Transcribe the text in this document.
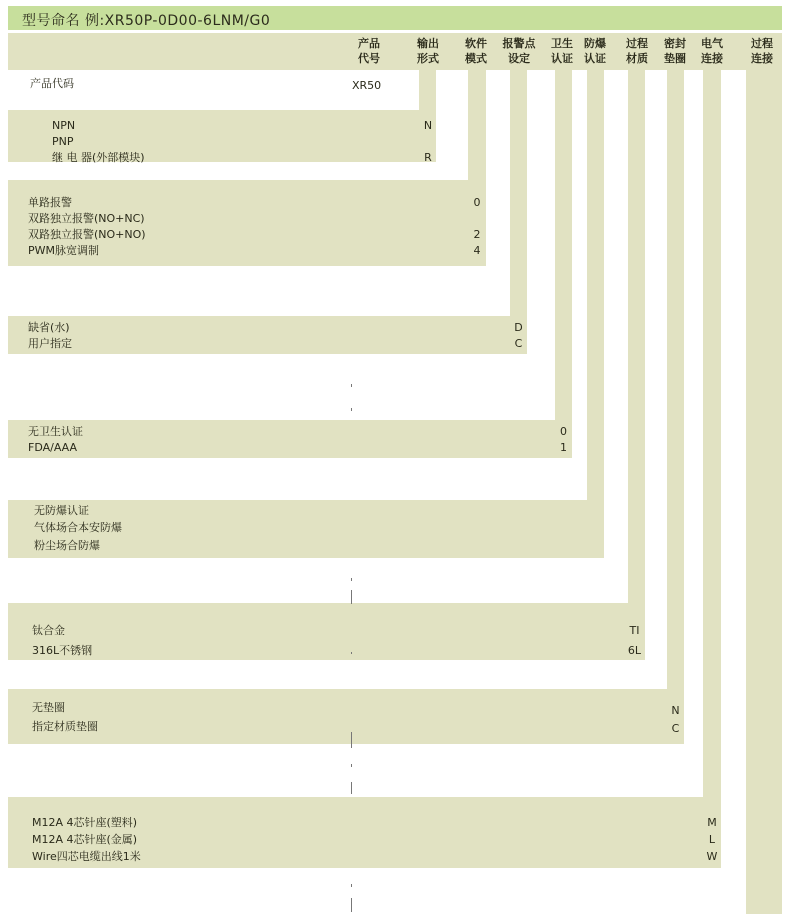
型号命名 例:XR50P-0D00-6LNM/G0
产品
代号
输出
形式
软件
模式
报警点
设定
卫生
认证
防爆
认证
过程
材质
密封
垫圈
电气
连接
过程
连接
产品代码	XR50
NPN
PNP
继 电 器(外部模块)
N
R
单路报警
双路独立报警(NO+NC)
双路独立报警(NO+NO)
PWM脉宽调制
0
2
4
缺省(水)
用户指定
D
C
无卫生认证
FDA/AAA
0
1
无防爆认证
气体场合本安防爆
粉尘场合防爆
钛合金
316L不锈钢
TI
6L
无垫圈
指定材质垫圈
N
C
M12A 4芯针座(塑料)
M12A 4芯针座(金属)
Wire四芯电缆出线1米
M
L
W
